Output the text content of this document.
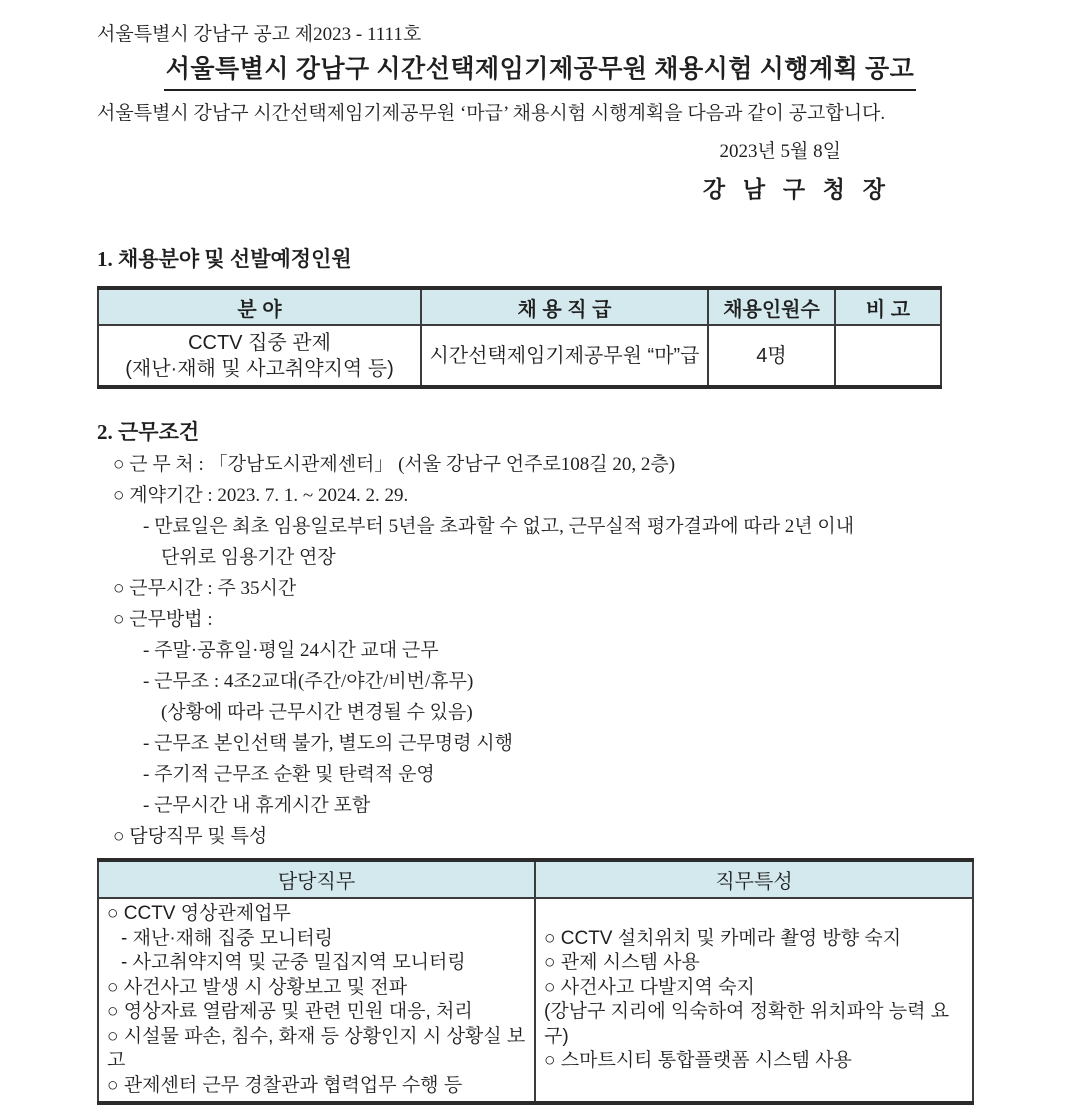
서울특별시 강남구 공고 제2023 - 1111호
서울특별시 강남구 시간선택제임기제공무원 채용시험 시행계획 공고
서울특별시 강남구 시간선택제임기제공무원 ‘마급’ 채용시험 시행계획을 다음과 같이 공고합니다.
2023년 5월 8일
강 남 구 청 장
1. 채용분야 및 선발예정인원
분 야	채 용 직 급	채용인원수	비 고

CCTV 집중 관제
(재난·재해 및 사고취약지역 등)	시간선택제임기제공무원 “마”급	4명	
2. 근무조건
○ 근 무 처 : 「강남도시관제센터」 (서울 강남구 언주로108길 20, 2층)
○ 계약기간 : 2023. 7. 1. ~ 2024. 2. 29.
- 만료일은 최초 임용일로부터 5년을 초과할 수 없고, 근무실적 평가결과에 따라 2년 이내
단위로 임용기간 연장
○ 근무시간 : 주 35시간
○ 근무방법 :
- 주말·공휴일·평일 24시간 교대 근무
- 근무조 : 4조2교대(주간/야간/비번/휴무)
(상황에 따라 근무시간 변경될 수 있음)
- 근무조 본인선택 불가, 별도의 근무명령 시행
- 주기적 근무조 순환 및 탄력적 운영
- 근무시간 내 휴게시간 포함
○ 담당직무 및 특성
담당직무	직무특성

○ CCTV 영상관제업무
- 재난·재해 집중 모니터링
- 사고취약지역 및 군중 밀집지역 모니터링
○ 사건사고 발생 시 상황보고 및 전파
○ 영상자료 열람제공 및 관련 민원 대응, 처리
○ 시설물 파손, 침수, 화재 등 상황인지 시 상황실 보고
○ 관제센터 근무 경찰관과 협력업무 수행 등

○ CCTV 설치위치 및 카메라 촬영 방향 숙지
○ 관제 시스템 사용
○ 사건사고 다발지역 숙지
(강남구 지리에 익숙하여 정확한 위치파악 능력 요구)
○ 스마트시티 통합플랫폼 시스템 사용
